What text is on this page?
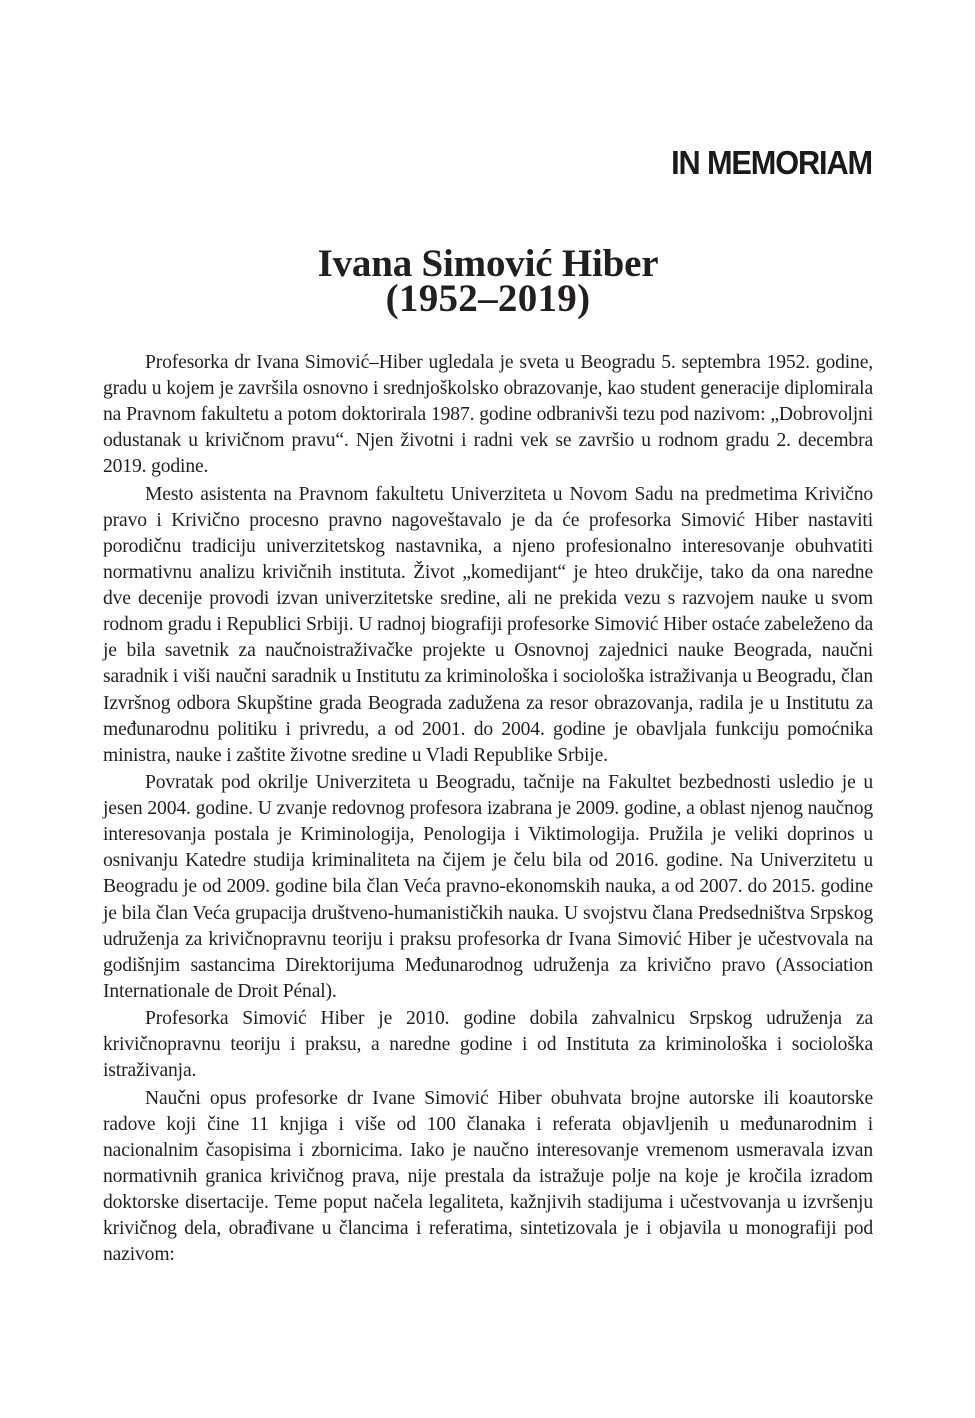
IN MEMORIAM
Ivana Simović Hiber
(1952–2019)

Profesorka dr Ivana Simović–Hiber ugledala je sveta u Beogradu 5. septembra 1952. godine, gradu u kojem je završila osnovno i srednjoškolsko obrazovanje, kao student generacije diplomirala na Pravnom fakultetu a potom doktorirala 1987. godine odbranivši tezu pod nazivom: „Dobrovoljni odustanak u krivičnom pravu“. Njen životni i radni vek se završio u rodnom gradu 2. decembra 2019. godine.

Mesto asistenta na Pravnom fakultetu Univerziteta u Novom Sadu na predmetima Krivično pravo i Krivično procesno pravno nagoveštavalo je da će profesorka Simović Hiber nastaviti porodičnu tradiciju univerzitetskog nastavnika, a njeno profesionalno interesovanje obuhvatiti normativnu analizu krivičnih instituta. Život „komedijant“ je hteo drukčije, tako da ona naredne dve decenije provodi izvan univerzitetske sredine, ali ne prekida vezu s razvojem nauke u svom rodnom gradu i Republici Srbiji. U radnoj biografiji profesorke Simović Hiber ostaće zabeleženo da je bila savetnik za naučnoistraživačke projekte u Osnovnoj zajednici nauke Beograda, naučni saradnik i viši naučni saradnik u Institutu za kriminološka i sociološka istraživanja u Beogradu, član Izvršnog odbora Skupštine grada Beograda zadužena za resor obrazovanja, radila je u Institutu za međunarodnu politiku i privredu, a od 2001. do 2004. godine je obavljala funkciju pomoćnika ministra, nauke i zaštite životne sredine u Vladi Republike Srbije.

Povratak pod okrilje Univerziteta u Beogradu, tačnije na Fakultet bezbednosti usledio je u jesen 2004. godine. U zvanje redovnog profesora izabrana je 2009. godine, a oblast njenog naučnog interesovanja postala je Kriminologija, Penologija i Viktimologija. Pružila je veliki doprinos u osnivanju Katedre studija kriminaliteta na čijem je čelu bila od 2016. godine. Na Univerzitetu u Beogradu je od 2009. godine bila član Veća pravno-ekonomskih nauka, a od 2007. do 2015. godine je bila član Veća grupacija društveno-humanističkih nauka. U svojstvu člana Predsedništva Srpskog udruženja za krivičnopravnu teoriju i praksu profesorka dr Ivana Simović Hiber je učestvovala na godišnjim sastancima Direktorijuma Međunarodnog udruženja za krivično pravo (Association Internationale de Droit Pénal).

Profesorka Simović Hiber je 2010. godine dobila zahvalnicu Srpskog udruženja za krivičnopravnu teoriju i praksu, a naredne godine i od Instituta za kriminološka i sociološka istraživanja.

Naučni opus profesorke dr Ivane Simović Hiber obuhvata brojne autorske ili koautorske radove koji čine 11 knjiga i više od 100 članaka i referata objavljenih u međunarodnim i nacionalnim časopisima i zbornicima. Iako je naučno interesovanje vremenom usmeravala izvan normativnih granica krivičnog prava, nije prestala da istražuje polje na koje je kročila izradom doktorske disertacije. Teme poput načela legaliteta, kažnjivih stadijuma i učestvovanja u izvršenju krivičnog dela, obrađivane u člancima i referatima, sintetizovala je i objavila u monografiji pod nazivom:
